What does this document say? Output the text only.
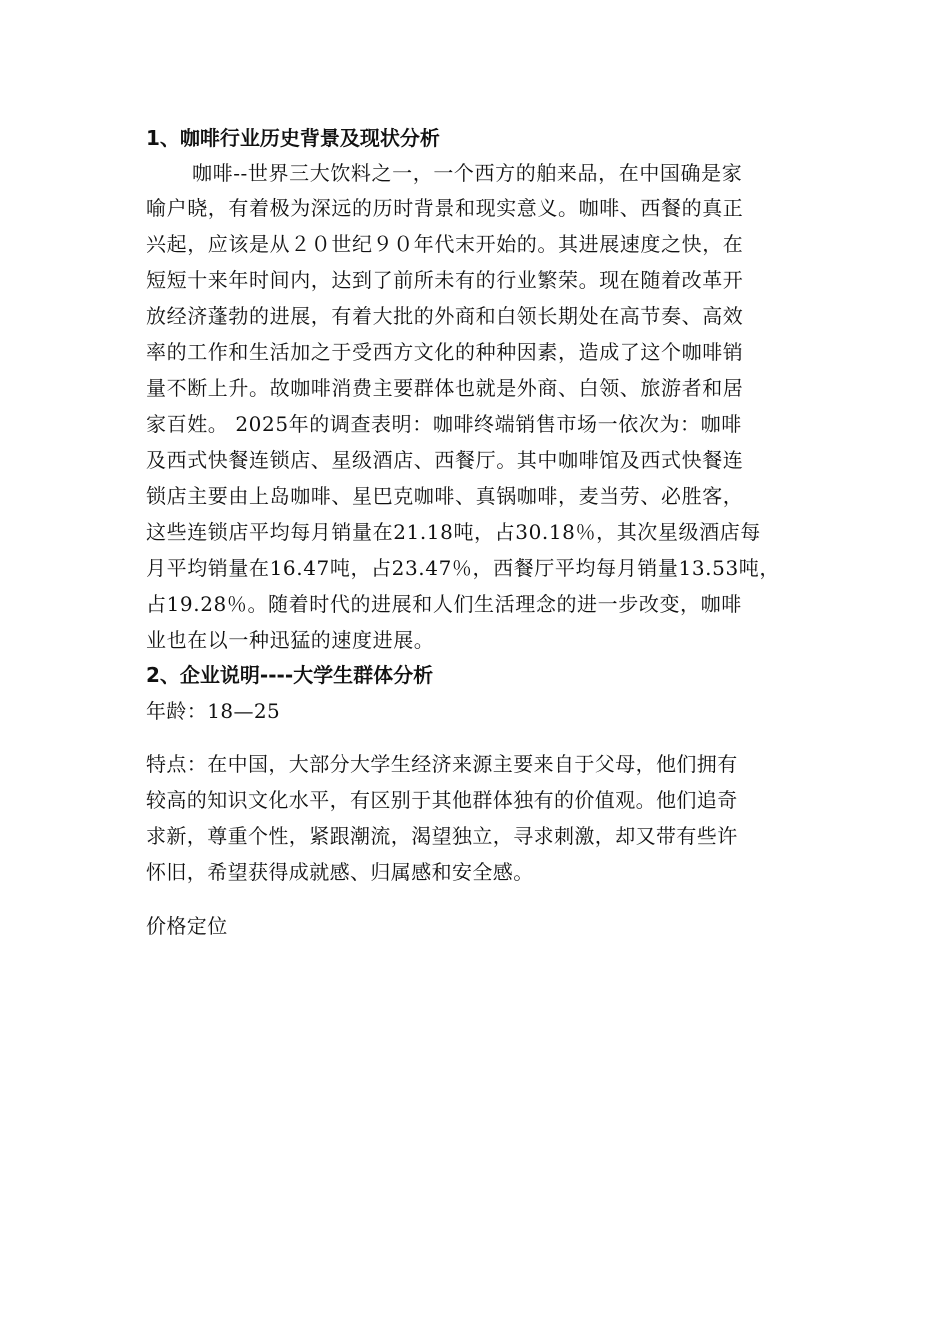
1、咖啡行业历史背景及现状分析
咖啡--世界三大饮料之一，一个西方的舶来品，在中国确是家
喻户晓，有着极为深远的历时背景和现实意义。咖啡、西餐的真正
兴起，应该是从２０世纪９０年代末开始的。其进展速度之快，在
短短十来年时间内，达到了前所未有的行业繁荣。现在随着改革开
放经济蓬勃的进展，有着大批的外商和白领长期处在高节奏、高效
率的工作和生活加之于受西方文化的种种因素，造成了这个咖啡销
量不断上升。故咖啡消费主要群体也就是外商、白领、旅游者和居
家百姓。 2025年的调查表明：咖啡终端销售市场一依次为：咖啡
及西式快餐连锁店、星级酒店、西餐厅。其中咖啡馆及西式快餐连
锁店主要由上岛咖啡、星巴克咖啡、真锅咖啡，麦当劳、必胜客，
这些连锁店平均每月销量在21.18吨，占30.18％，其次星级酒店每
月平均销量在16.47吨，占23.47％，西餐厅平均每月销量13.53吨，
占19.28％。随着时代的进展和人们生活理念的进一步改变，咖啡
业也在以一种迅猛的速度进展。
2、企业说明----大学生群体分析
年龄：18—25
特点：在中国，大部分大学生经济来源主要来自于父母，他们拥有
较高的知识文化水平，有区别于其他群体独有的价值观。他们追奇
求新，尊重个性，紧跟潮流，渴望独立，寻求刺激，却又带有些许
怀旧，希望获得成就感、归属感和安全感。
价格定位
